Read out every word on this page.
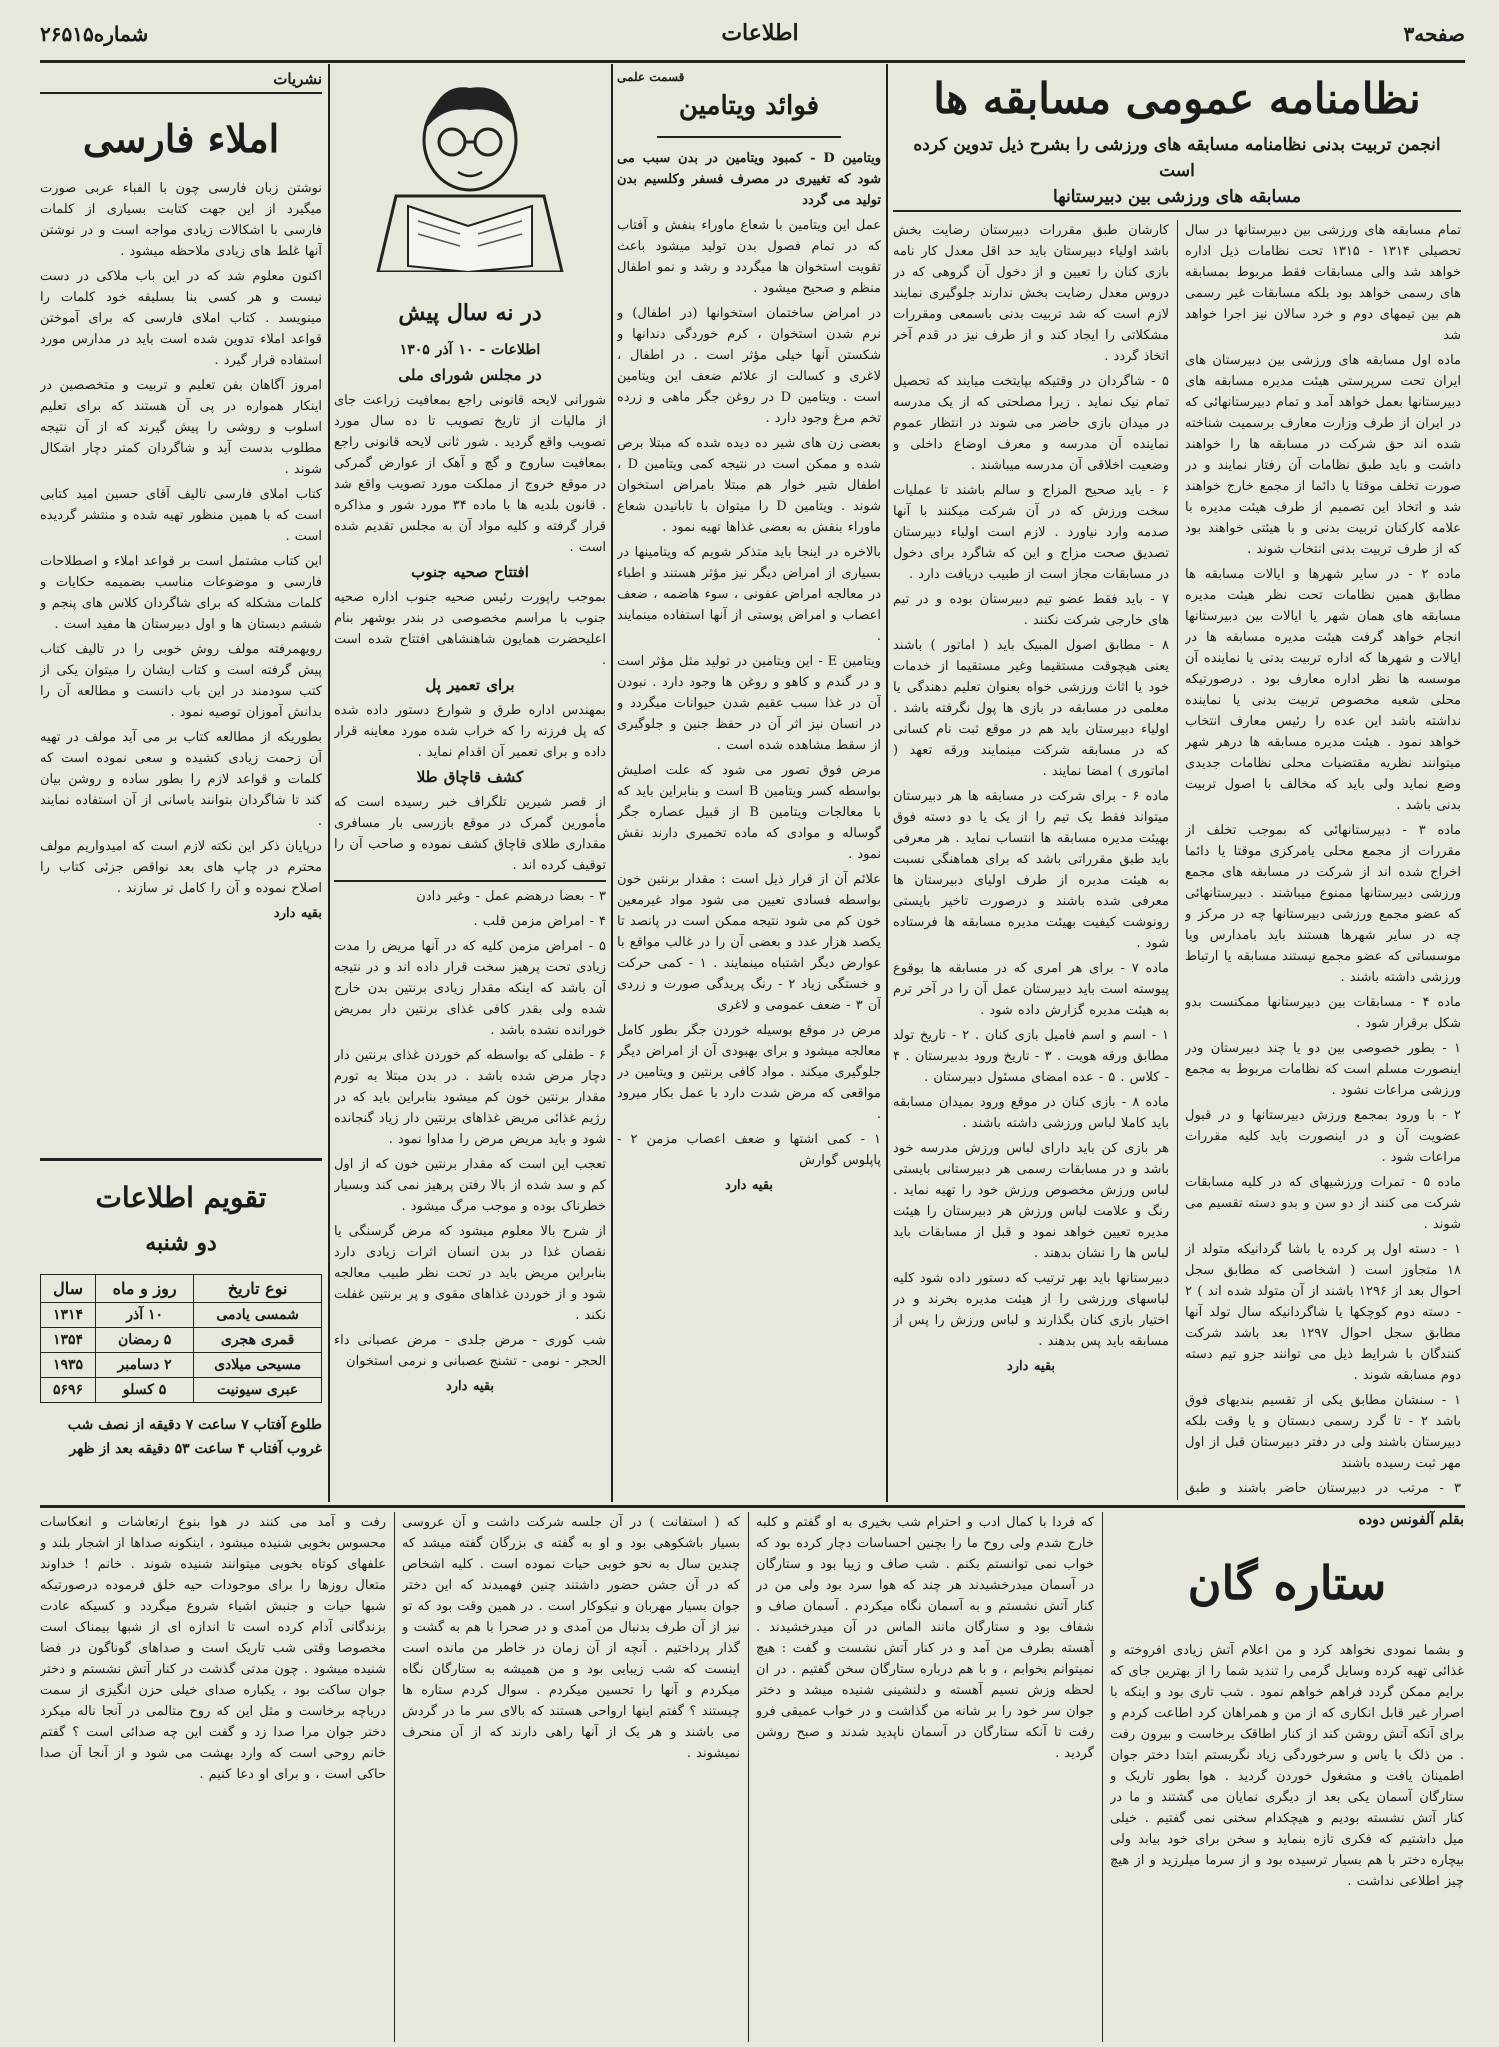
صفحه۳
اطلاعات
شماره۲۶۵۱۵
نظامنامه عمومی مسابقه ها
انجمن تربیت بدنی نظامنامه مسابقه های ورزشی را بشرح ذیل تدوین کرده است
مسابقه های ورزشی بین دبیرستانها

تمام مسابقه های ورزشی بین دبیرستانها در سال تحصیلی ۱۳۱۴ - ۱۳۱۵ تحت نظامات ذیل اداره خواهد شد والی مسابقات فقط مربوط بمسابقه های رسمی خواهد بود بلکه مسابقات غیر رسمی هم بین تیمهای دوم و خرد سالان نیز اجرا خواهد شد

ماده اول مسابقه های ورزشی بین دبیرستان های ایران تحت سرپرستی هیئت مدیره مسابقه های دبیرستانها بعمل خواهد آمد و تمام دبیرستانهائی که در ایران از طرف وزارت معارف برسمیت شناخته شده اند حق شرکت در مسابقه ها را خواهند داشت و باید طبق نظامات آن رفتار نمایند و در صورت تخلف موقتا یا دائما از مجمع خارج خواهند شد و اتخاذ این تصمیم از طرف هیئت مدیره با علامه کارکنان تربیت بدنی و با هیئتی خواهند بود که از طرف تربیت بدنی انتخاب شوند .

ماده ۲ - در سایر شهرها و ایالات مسابقه ها مطابق همین نظامات تحت نظر هیئت مدیره مسابقه های همان شهر یا ایالات بین دبیرستانها انجام خواهد گرفت هیئت مدیره مسابقه ها در ایالات و شهرها که اداره تربیت بدنی یا نماینده آن موسسه ها نظر اداره معارف بود . درصورتیکه محلی شعبه مخصوص تربیت بدنی یا نماینده نداشته باشد این عده را رئیس معارف انتخاب خواهد نمود . هیئت مدیره مسابقه ها درهر شهر میتوانند نظریه مقتضیات محلی نظامات جدیدی وضع نماید ولی باید که مخالف با اصول تربیت بدنی باشد .

ماده ۳ - دبیرستانهائی که بموجب تخلف از مقررات از مجمع محلی یامرکزی موقتا یا دائما اخراج شده اند از شرکت در مسابقه های مجمع ورزشی دبیرستانها ممنوع میباشند . دبیرستانهائی که عضو مجمع ورزشی دبیرستانها چه در مرکز و چه در سایر شهرها هستند باید بامدارس ویا موسساتی که عضو مجمع نیستند مسابقه یا ارتباط ورزشی داشته باشند .

ماده ۴ - مسابقات بین دبیرستانها ممکنست بدو شکل برقرار شود .

۱ - بطور خصوصی بین دو یا چند دبیرستان ودر اینصورت مسلم است که نظامات مربوط به مجمع ورزشی مراعات نشود .

۲ - با ورود بمجمع ورزش دبیرستانها و در قبول عضویت آن و در اینصورت باید کلیه مقررات مراعات شود .

ماده ۵ - تمرات ورزشیهای که در کلیه مسابقات شرکت می کنند از دو سن و بدو دسته تقسیم می شوند .

۱ - دسته اول پر کرده یا باشا گردانیکه متولد از ۱۸ متجاوز است ( اشخاصی که مطابق سجل احوال بعد از ۱۲۹۶ باشند از آن متولد شده اند ) ۲ - دسته دوم کوچکها یا شاگردانیکه سال تولد آنها مطابق سجل احوال ۱۲۹۷ بعد باشد شرکت کنندگان با شرایط ذیل می توانند جزو تیم دسته دوم مسابقه شوند .

۱ - سنشان مطابق یکی از تقسیم بندیهای فوق باشد ۲ - تا گرد رسمی دبستان و یا وقت بلکه دبیرستان باشند ولی در دفتر دبیرستان قبل از اول مهر ثبت رسیده باشند

۳ - مرتب در دبیرستان حاضر باشند و طبق

کارشان طبق مقررات دبیرستان رضایت بخش باشد اولیاء دبیرستان باید حد اقل معدل کار نامه بازی کنان را تعیین و از دخول آن گروهی که در دروس معدل رضایت بخش ندارند جلوگیری نمایند لازم است که شد تربیت بدنی باسمعی ومقررات مشکلاتی را ایجاد کند و از طرف نیز در قدم آخر اتخاذ گردد .

۵ - شاگردان در وقتیکه بپایتخت میایند که تحصیل تمام نیک نماید . زیرا مصلحتی که از یک مدرسه در میدان بازی حاضر می شوند در انتظار عموم نماینده آن مدرسه و معرف اوضاع داخلی و وضعیت اخلاقی آن مدرسه میباشند .

۶ - باید صحیح المزاج و سالم باشند تا عملیات سخت ورزش که در آن شرکت میکنند با آنها صدمه وارد نیاورد . لازم است اولیاء دبیرستان تصدیق صحت مزاج و این که شاگرد برای دخول در مسابقات مجاز است از طبیب دریافت دارد .

۷ - باید فقط عضو تیم دبیرستان بوده و در تیم های خارجی شرکت نکنند .

۸ - مطابق اصول المبیک باید ( اماتور ) باشند یعنی هیچوقت مستقیما وغیر مستقیما از خدمات خود یا اثاث ورزشی خواه بعنوان تعلیم دهندگی یا معلمی در مسابقه در بازی ها پول نگرفته باشد . اولیاء دبیرستان باید هم در موقع ثبت نام کسانی که در مسابقه شرکت مینمایند ورقه تعهد ( اماتوری ) امضا نمایند .

ماده ۶ - برای شرکت در مسابقه ها هر دبیرستان میتواند فقط یک تیم را از یک یا دو دسته فوق بهیئت مدیره مسابقه ها انتساب نماید . هر معرفی باید طبق مقرراتی باشد که برای هماهنگی نسبت به هیئت مدیره از طرف اولیای دبیرستان ها معرفی شده باشند و درصورت تاخیر بایستی رونوشت کیفیت بهیئت مدیره مسابقه ها فرستاده شود .

ماده ۷ - برای هر امری که در مسابقه ها بوقوع پیوسته است باید دبیرستان عمل آن را در آخر ترم به هیئت مدیره گزارش داده شود .

۱ - اسم و اسم فامیل بازی کنان . ۲ - تاریخ تولد مطابق ورقه هویت . ۳ - تاریخ ورود بدبیرستان . ۴ - کلاس . ۵ - عده امضای مسئول دبیرستان .

ماده ۸ - بازی کنان در موقع ورود بمیدان مسابقه باید کاملا لباس ورزشی داشته باشند .

هر بازی کن باید دارای لباس ورزش مدرسه خود باشد و در مسابقات رسمی هر دبیرستانی بایستی لباس ورزش مخصوص ورزش خود را تهیه نماید . رنگ و علامت لباس ورزش هر دبیرستان را هیئت مدیره تعیین خواهد نمود و قبل از مسابقات باید لباس ها را نشان بدهند .

دبیرستانها باید بهر ترتیب که دستور داده شود کلیه لباسهای ورزشی را از هیئت مدیره بخرند و در اختیار بازی کنان بگذارند و لباس ورزش را پس از مسابقه باید پس بدهند .

بقیه دارد

قسمت علمی
فوائد ویتامین

ویتامین D - کمبود ویتامین در بدن سبب می شود که تغییری در مصرف فسفر وکلسیم بدن تولید می گردد

عمل این ویتامین با شعاع ماوراء بنفش و آفتاب که در تمام فصول بدن تولید میشود باعث تقویت استخوان ها میگردد و رشد و نمو اطفال منظم و صحیح میشود .

در امراض ساختمان استخوانها (در اطفال) و نرم شدن استخوان ، کرم خوردگی دندانها و شکستن آنها خیلی مؤثر است . در اطفال ، لاغری و کسالت از علائم ضعف این ویتامین است . ویتامین D در روغن جگر ماهی و زرده تخم مرغ وجود دارد .

بعضی زن های شیر ده دیده شده که مبتلا برص شده و ممکن است در نتیجه کمی ویتامین D ، اطفال شیر خوار هم مبتلا بامراض استخوان شوند . ویتامین D را میتوان با تابانیدن شعاع ماوراء بنفش به بعضی غذاها تهیه نمود .

بالاخره در اینجا باید متذکر شویم که ویتامینها در بسیاری از امراض دیگر نیز مؤثر هستند و اطباء در معالجه امراض عفونی ، سوء هاضمه ، ضعف اعصاب و امراض پوستی از آنها استفاده مینمایند .

ویتامین E - این ویتامین در تولید مثل مؤثر است و در گندم و کاهو و روغن ها وجود دارد . نبودن آن در غذا سبب عقیم شدن حیوانات میگردد و در انسان نیز اثر آن در حفظ جنین و جلوگیری از سقط مشاهده شده است .

مرض فوق تصور می شود که علت اصلیش بواسطه کسر ویتامین B است و بنابراین باید که با معالجات ویتامین B از قبیل عصاره جگر گوساله و موادی که ماده تخمیری دارند نقش نمود .

علائم آن از قرار ذیل است : مقدار برنتین خون بواسطه فسادی تعیین می شود مواد غیرمعین خون کم می شود نتیجه ممکن است در پانصد تا یکصد هزار عدد و بعضی آن را در غالب مواقع با عوارض دیگر اشتباه مینمایند . ۱ - کمی حرکت و خستگی زیاد ۲ - رنگ پریدگی صورت و زردی آن ۳ - ضعف عمومی و لاغری

مرض در موقع بوسیله خوردن جگر بطور کامل معالجه میشود و برای بهبودی آن از امراض دیگر جلوگیری میکند . مواد کافی برنتین و ویتامین در مواقعی که مرض شدت دارد با عمل بکار میرود .

۱ - کمی اشتها و ضعف اعصاب مزمن ۲ - پاپلوس گوارش

بقیه دارد

در نه سال پیش

اطلاعات - ۱۰ آذر ۱۳۰۵

در مجلس شورای ملی

شورانی لایحه قانونی راجع بمعافیت زراعت جای از مالیات از تاریخ تصویب تا ده سال مورد تصویب واقع گردید . شور ثانی لایحه قانونی راجع بمعافیت ساروج و گچ و آهک از عوارض گمرکی در موقع خروج از مملکت مورد تصویب واقع شد . قانون بلدیه ها با ماده ۳۴ مورد شور و مذاکره قرار گرفته و کلیه مواد آن به مجلس تقدیم شده است .

افتتاح صحیه جنوب

بموجب راپورت رئیس صحیه جنوب اداره صحیه جنوب با مراسم مخصوصی در بندر بوشهر بنام اعلیحضرت همایون شاهنشاهی افتتاح شده است .

برای تعمیر پل

بمهندس اداره طرق و شوارع دستور داده شده که پل فرزنه را که خراب شده مورد معاینه قرار داده و برای تعمیر آن اقدام نماید .

کشف قاچاق طلا

از قصر شیرین تلگراف خبر رسیده است که مأمورین گمرک در موقع بازرسی بار مسافری مقداری طلای قاچاق کشف نموده و صاحب آن را توقیف کرده اند .

۳ - بعضا درهضم عمل - وغیر دادن

۴ - امراض مزمن قلب .

۵ - امراض مزمن کلیه که در آنها مریض را مدت زیادی تحت پرهیز سخت قرار داده اند و در نتیجه آن باشد که اینکه مقدار زیادی برنتین بدن خارج شده ولی بقدر کافی غذای برنتین دار بمریض خورانده نشده باشد .

۶ - طفلی که بواسطه کم خوردن غذای برنتین دار دچار مرض شده باشد . در بدن مبتلا به تورم مقدار برنتین خون کم میشود بنابراین باید که در رژیم غذائی مریض غذاهای برنتین دار زیاد گنجانده شود و باید مریض مرض را مداوا نمود .

تعجب این است که مقدار برنتین خون که از اول کم و سد شده از بالا رفتن پرهیز نمی کند وبسیار خطرناک بوده و موجب مرگ میشود .

از شرح بالا معلوم میشود که مرض گرسنگی یا نقصان غذا در بدن انسان اثرات زیادی دارد بنابراین مریض باید در تحت نظر طبیب معالجه شود و از خوردن غذاهای مقوی و پر برنتین غفلت نکند .

شب کوری - مرض جلدی - مرض عصبانی داء الحجر - نومی - تشنج عصبانی و نرمی استخوان

بقیه دارد

نشریات
املاء فارسی

نوشتن زبان فارسی چون با الفباء عربی صورت میگیرد از این جهت کتابت بسیاری از کلمات فارسی با اشکالات زیادی مواجه است و در نوشتن آنها غلط های زیادی ملاحظه میشود .

اکنون معلوم شد که در این باب ملاکی در دست نیست و هر کسی بنا بسلیقه خود کلمات را مینویسد . کتاب املای فارسی که برای آموختن قواعد املاء تدوین شده است باید در مدارس مورد استفاده قرار گیرد .

امروز آگاهان بفن تعلیم و تربیت و متخصصین در اینکار همواره در پی آن هستند که برای تعلیم اسلوب و روشی را پیش گیرند که از آن نتیجه مطلوب بدست آید و شاگردان کمتر دچار اشکال شوند .

کتاب املای فارسی تالیف آقای حسین امید کتابی است که با همین منظور تهیه شده و منتشر گردیده است .

این کتاب مشتمل است بر قواعد املاء و اصطلاحات فارسی و موضوعات مناسب بضمیمه حکایات و کلمات مشکله که برای شاگردان کلاس های پنجم و ششم دبستان ها و اول دبیرستان ها مفید است .

رویهمرفته مولف روش خوبی را در تالیف کتاب پیش گرفته است و کتاب ایشان را میتوان یکی از کتب سودمند در این باب دانست و مطالعه آن را بدانش آموزان توصیه نمود .

بطوریکه از مطالعه کتاب بر می آید مولف در تهیه آن زحمت زیادی کشیده و سعی نموده است که کلمات و قواعد لازم را بطور ساده و روشن بیان کند تا شاگردان بتوانند باسانی از آن استفاده نمایند .

درپایان ذکر این نکته لازم است که امیدواریم مولف محترم در چاپ های بعد نواقص جزئی کتاب را اصلاح نموده و آن را کامل تر سازند .

بقیه دارد

تقویم اطلاعات
دو شنبه
نوع تاریخ	روز و ماه	سال
شمسی یادمی	۱۰ آذر	۱۳۱۴
قمری هجری	۵ رمضان	۱۳۵۴
مسیحی میلادی	۲ دسامبر	۱۹۳۵
عبری سیونیت	۵ کسلو	۵۶۹۶
طلوع آفتاب ۷ ساعت ۷ دقیقه از نصف شب
غروب آفتاب ۴ ساعت ۵۳ دقیقه بعد از ظهر
بقلم آلفونس دوده
ستاره گان

و بشما نمودی نخواهد کرد و من اعلام آتش زیادی افروخته و غذائی تهیه کرده وسایل گرمی را تندید شما را از بهترین جای که برایم ممکن گردد فراهم خواهم نمود . شب تاری بود و اینکه با اصرار غیر قابل انکاری که از من و همراهان کرد اطاعت کردم و برای آنکه آتش روشن کند از کنار اطاقک برخاست و بیرون رفت . من ذلک با یاس و سرخوردگی زیاد نگریستم ابتدا دختر جوان اطمینان یافت و مشغول خوردن گردید . هوا بطور تاریک و ستارگان آسمان یکی بعد از دیگری نمایان می گشتند و ما در کنار آتش نشسته بودیم و هیچکدام سخنی نمی گفتیم . خیلی میل داشتیم که فکری تازه بنماید و سخن برای خود بیابد ولی بیچاره دختر با هم بسیار ترسیده بود و از سرما میلرزید و از هیچ چیز اطلاعی نداشت .

که فردا با کمال ادب و احترام شب بخیری به او گفتم و کلبه خارج شدم ولی روح ما را بچنین احساسات دچار کرده بود که خواب نمی توانستم بکنم . شب صاف و زیبا بود و ستارگان در آسمان میدرخشیدند هر چند که هوا سرد بود ولی من در کنار آتش نشستم و به آسمان نگاه میکردم . آسمان صاف و شفاف بود و ستارگان مانند الماس در آن میدرخشیدند . آهسته بطرف من آمد و در کنار آتش نشست و گفت : هیچ نمیتوانم بخوابم ، و با هم درباره ستارگان سخن گفتیم . در ان لحظه وزش نسیم آهسته و دلنشینی شنیده میشد و دختر جوان سر خود را بر شانه من گذاشت و در خواب عمیقی فرو رفت تا آنکه ستارگان در آسمان ناپدید شدند و صبح روشن گردید .

که ( استفانت ) در آن جلسه شرکت داشت و آن عروسی بسیار باشکوهی بود و او به گفته ی بزرگان گفته میشد که چندین سال به نحو خوبی حیات نموده است . کلیه اشخاص که در آن جشن حضور داشتند چنین فهمیدند که این دختر جوان بسیار مهربان و نیکوکار است . در همین وقت بود که تو نیز از آن طرف بدنبال من آمدی و در صحرا با هم به گشت و گذار پرداختیم . آنچه از آن زمان در خاطر من مانده است اینست که شب زیبایی بود و من همیشه به ستارگان نگاه میکردم و آنها را تحسین میکردم . سوال کردم ستاره ها چیستند ؟ گفتم اینها ارواحی هستند که بالای سر ما در گردش می باشند و هر یک از آنها راهی دارند که از آن منحرف نمیشوند .

رفت و آمد می کنند در هوا بنوع ارتعاشات و انعکاسات محسوس بخوبی شنیده میشود ، اینکونه صداها از اشجار بلند و علفهای کوتاه بخوبی میتوانند شنیده شوند . خانم ! خداوند متعال روزها را برای موجودات حیه خلق فرموده درصورتیکه شبها حیات و جنبش اشیاء شروع میگردد و کسیکه عادت بزندگانی آدام کرده است تا اندازه ای از شبها بیمناک است مخصوصا وقتی شب تاریک است و صداهای گوناگون در فضا شنیده میشود . چون مدتی گذشت در کنار آتش نشستم و دختر جوان ساکت بود ، یکباره صدای خیلی حزن انگیزی از سمت دریاچه برخاست و مثل این که روح متالمی در آنجا ناله میکرد دختر جوان مرا صدا زد و گفت این چه صدائی است ؟ گفتم خانم روحی است که وارد بهشت می شود و از آنجا آن صدا حاکی است ، و برای او دعا کنیم .
